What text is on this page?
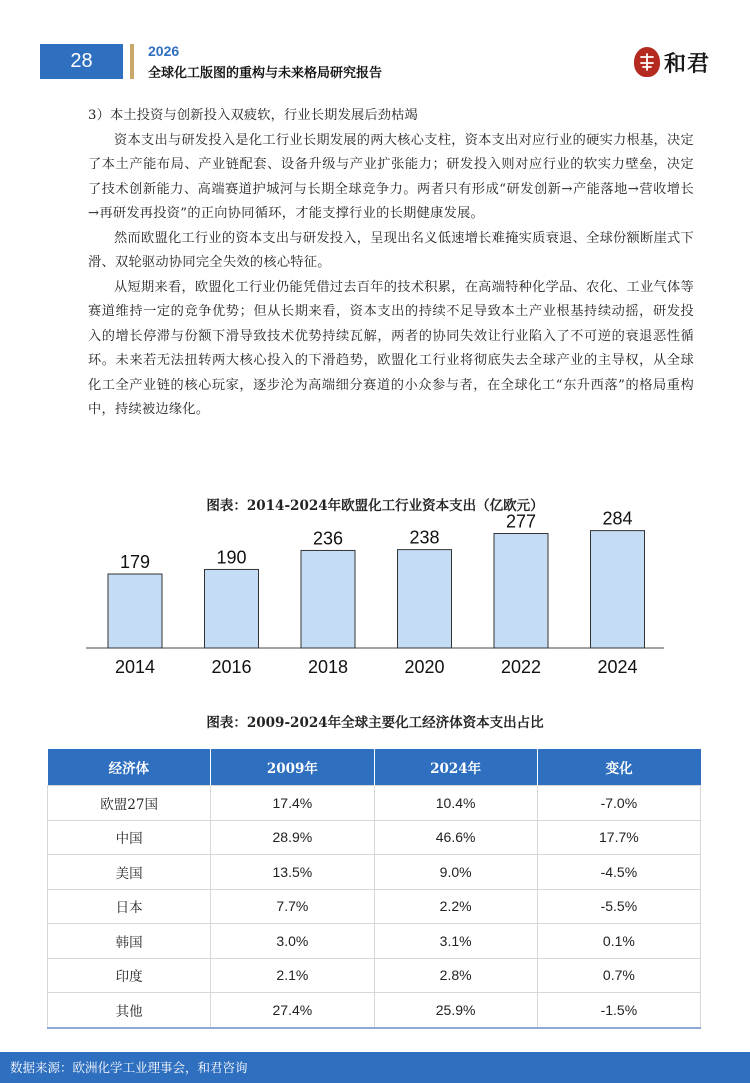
28	2026
全球化工版图的重构与未来格局研究报告	和君
3）本土投资与创新投入双疲软，行业长期发展后劲枯竭

资本支出与研发投入是化工行业长期发展的两大核心支柱，资本支出对应行业的硬实力根基，决定了本土产能布局、产业链配套、设备升级与产业扩张能力；研发投入则对应行业的软实力壁垒，决定了技术创新能力、高端赛道护城河与长期全球竞争力。两者只有形成“研发创新→产能落地→营收增长→再研发再投资”的正向协同循环，才能支撑行业的长期健康发展。

然而欧盟化工行业的资本支出与研发投入，呈现出名义低速增长难掩实质衰退、全球份额断崖式下滑、双轮驱动协同完全失效的核心特征。

从短期来看，欧盟化工行业仍能凭借过去百年的技术积累，在高端特种化学品、农化、工业气体等赛道维持一定的竞争优势；但从长期来看，资本支出的持续不足导致本土产业根基持续动摇，研发投入的增长停滞与份额下滑导致技术优势持续瓦解，两者的协同失效让行业陷入了不可逆的衰退恶性循环。未来若无法扭转两大核心投入的下滑趋势，欧盟化工行业将彻底失去全球产业的主导权，从全球化工全产业链的核心玩家，逐步沦为高端细分赛道的小众参与者，在全球化工“东升西落”的格局重构中，持续被边缘化。

图表：2014-2024年欧盟化工行业资本支出（亿欧元）
179
2014
190
2016
236
2018
238
2020
277
2022
284
2024
图表：2009-2024年全球主要化工经济体资本支出占比
经济体	2009年	2024年	变化
欧盟27国	17.4%	10.4%	-7.0%
中国	28.9%	46.6%	17.7%
美国	13.5%	9.0%	-4.5%
日本	7.7%	2.2%	-5.5%
韩国	3.0%	3.1%	0.1%
印度	2.1%	2.8%	0.7%
其他	27.4%	25.9%	-1.5%
数据来源：欧洲化学工业理事会，和君咨询
